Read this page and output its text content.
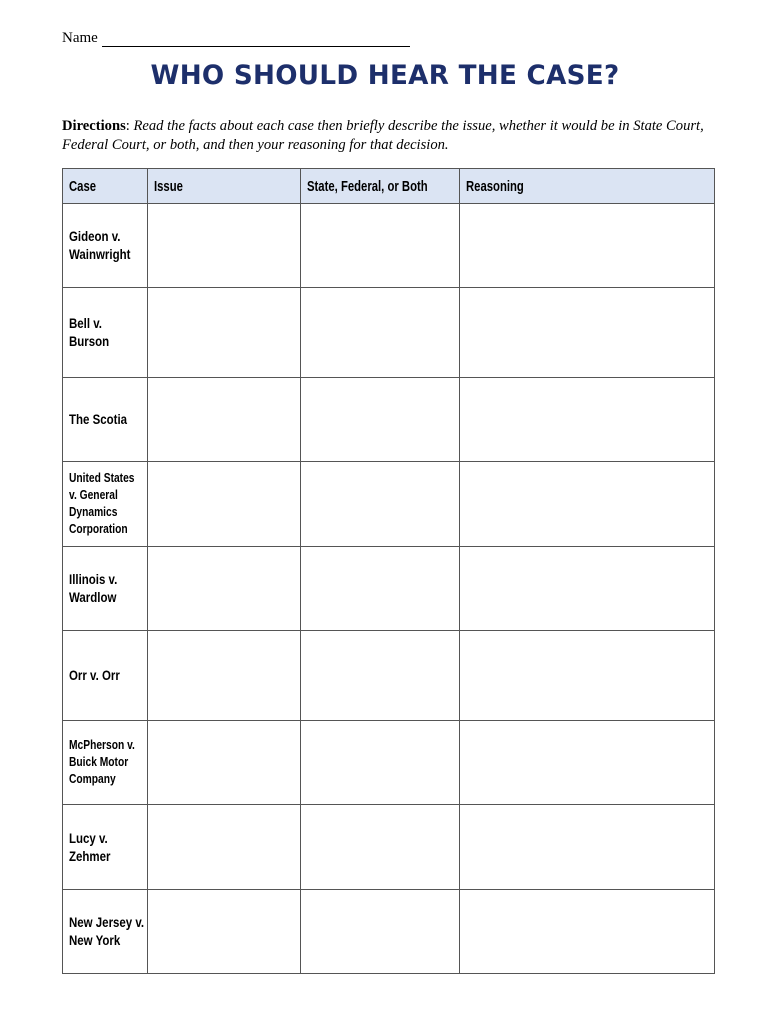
Name
WHO SHOULD HEAR THE CASE?
Directions: Read the facts about each case then briefly describe the issue, whether it would be in State Court, Federal Court, or both, and then your reasoning for that decision.
Case	Issue	State, Federal, or Both	Reasoning
Gideon v. Wainwright			
Bell v. Burson			
The Scotia			
United States v. General Dynamics Corporation			
Illinois v. Wardlow			
Orr v. Orr			
McPherson v. Buick Motor Company			
Lucy v. Zehmer			
New Jersey v. New York			
